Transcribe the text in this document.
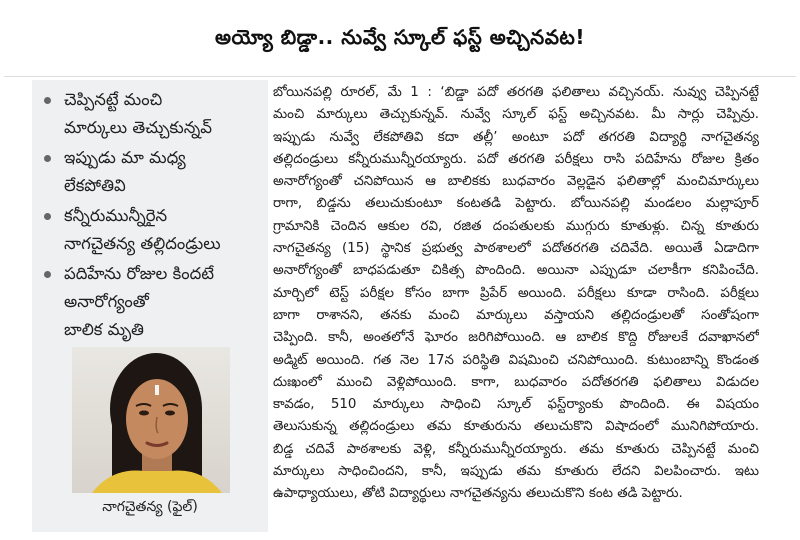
అయ్యో బిడ్డా.. నువ్వే స్కూల్ ఫస్ట్ అచ్చినవట!
చెప్పినట్టే మంచి
మార్కులు తెచ్చుకున్నవ్
ఇప్పుడు మా మధ్య
లేకపోతివి
కన్నీరుమున్నీరైన
నాగచైతన్య తల్లిదండ్రులు
పదిహేను రోజుల కిందటే
అనారోగ్యంతో
బాలిక మృతి
నాగచైతన్య (ఫైల్)
బోయినపల్లి రూరల్, మే 1 : ‘బిడ్డా పదో తరగతి ఫలితాలు వచ్చినయ్. నువ్వు చెప్పినట్టే
మంచి మార్కులు తెచ్చుకున్నవ్. నువ్వే స్కూల్ ఫస్ట్ అచ్చినవట. మీ సార్లు చెప్పిన్రు.
ఇప్పుడు నువ్వే లేకపోతివి కదా తల్లీ’ అంటూ పదో తగరతి విద్యార్థి నాగచైతన్య
తల్లిదండ్రులు కన్నీరుమున్నీరయ్యారు. పదో తరగతి పరీక్షలు రాసి పదిహేను రోజుల క్రితం
అనారోగ్యంతో చనిపోయిన ఆ బాలికకు బుధవారం వెల్లడైన ఫలితాల్లో మంచిమార్కులు
రాగా, బిడ్డను తలుచుకుంటూ కంటతడి పెట్టారు. బోయినపల్లి మండలం మల్లాపూర్
గ్రామానికి చెందిన ఆకుల రవి, రజిత దంపతులకు ముగ్గురు కూతుళ్లు. చిన్న కూతురు
నాగచైతన్య (15) స్థానిక ప్రభుత్వ పాఠశాలలో పదోతరగతి చదివేది. అయితే ఏడాదిగా
అనారోగ్యంతో బాధపడుతూ చికిత్స పొందింది. అయినా ఎప్పుడూ చలాకీగా కనిపించేది.
మార్చిలో టెస్ట్ పరీక్షల కోసం బాగా ప్రిపేర్ అయింది. పరీక్షలు కూడా రాసింది. పరీక్షలు
బాగా రాశానని, తనకు మంచి మార్కులు వస్తాయని తల్లిదండ్రులతో సంతోషంగా
చెప్పింది. కానీ, అంతలోనే ఘోరం జరిగిపోయింది. ఆ బాలిక కొద్ది రోజులకే దవాఖానలో
అడ్మిట్ అయింది. గత నెల 17న పరిస్థితి విషమించి చనిపోయింది. కుటుంబాన్ని కొండంత
దుఃఖంలో ముంచి వెళ్లిపోయింది. కాగా, బుధవారం పదోతరగతి ఫలితాలు విడుదల
కావడం, 510 మార్కులు సాధించి స్కూల్ ఫస్ట్‌ర్యాంకు పొందింది. ఈ విషయం
తెలుసుకున్న తల్లిదండ్రులు తమ కూతురును తలుచుకొని విషాదంలో మునిగిపోయారు.
బిడ్డ చదివే పాఠశాలకు వెళ్లి, కన్నీరుమున్నీరయ్యారు. తమ కూతురు చెప్పినట్టే మంచి
మార్కులు సాధించిందని, కానీ, ఇప్పుడు తమ కూతురు లేదని విలపించారు. ఇటు
ఉపాధ్యాయులు, తోటి విద్యార్థులు నాగచైతన్యను తలుచుకొని కంట తడి పెట్టారు.
